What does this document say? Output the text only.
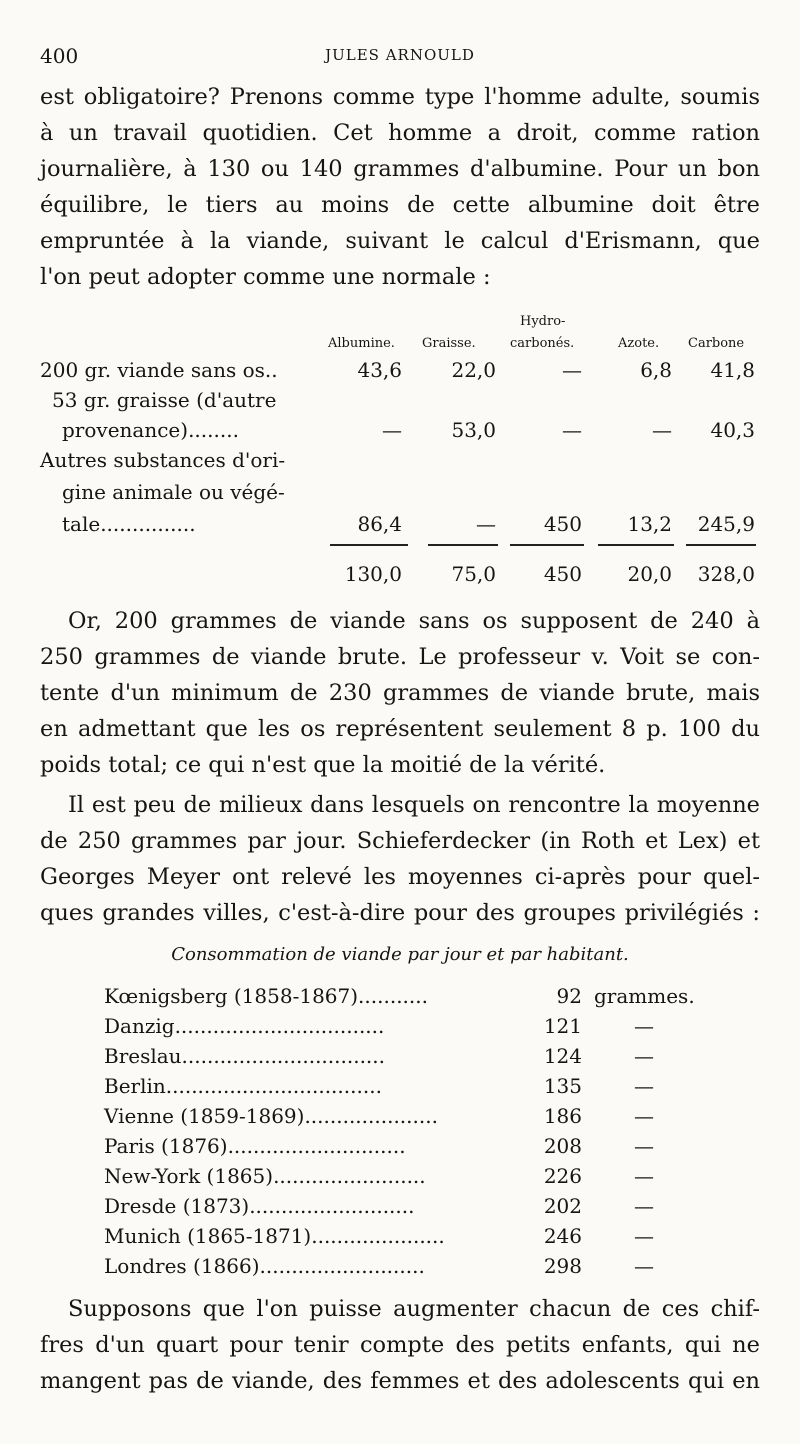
400	JULES ARNOULD
est obligatoire? Prenons comme type l'homme adulte, soumis
à un travail quotidien. Cet homme a droit, comme ration
journalière, à 130 ou 140 grammes d'albumine. Pour un bon
équilibre, le tiers au moins de cette albumine doit être
empruntée à la viande, suivant le calcul d'Erismann, que
l'on peut adopter comme une normale :
Hydro-
Albumine. Graisse.	carbonés.	Azote. Carbone
200 gr. viande sans os..	43,6 22,0	—	6,8 41,8
53 gr. graisse (d'autre
provenance)........	— 53,0	—	— 40,3
Autres substances d'ori-
gine animale ou végé-
tale...............	86,4	— 450 13,2 245,9
130,0 75,0 450 20,0 328,0
Or, 200 grammes de viande sans os supposent de 240 à
250 grammes de viande brute. Le professeur v. Voit se con-
tente d'un minimum de 230 grammes de viande brute, mais
en admettant que les os représentent seulement 8 p. 100 du
poids total; ce qui n'est que la moitié de la vérité.
Il est peu de milieux dans lesquels on rencontre la moyenne
de 250 grammes par jour. Schieferdecker (in Roth et Lex) et
Georges Meyer ont relevé les moyennes ci-après pour quel-
ques grandes villes, c'est-à-dire pour des groupes privilégiés :
Consommation de viande par jour et par habitant.
Kœnigsberg (1858-1867)...........	92 grammes.
Danzig.................................	121	—
Breslau................................	124	—
Berlin..................................	135	—
Vienne (1859-1869).....................	186	—
Paris (1876)............................	208	—
New-York (1865)........................	226	—
Dresde (1873)..........................	202	—
Munich (1865-1871).....................	246	—
Londres (1866)..........................	298	—
Supposons que l'on puisse augmenter chacun de ces chif-
fres d'un quart pour tenir compte des petits enfants, qui ne
mangent pas de viande, des femmes et des adolescents qui en
